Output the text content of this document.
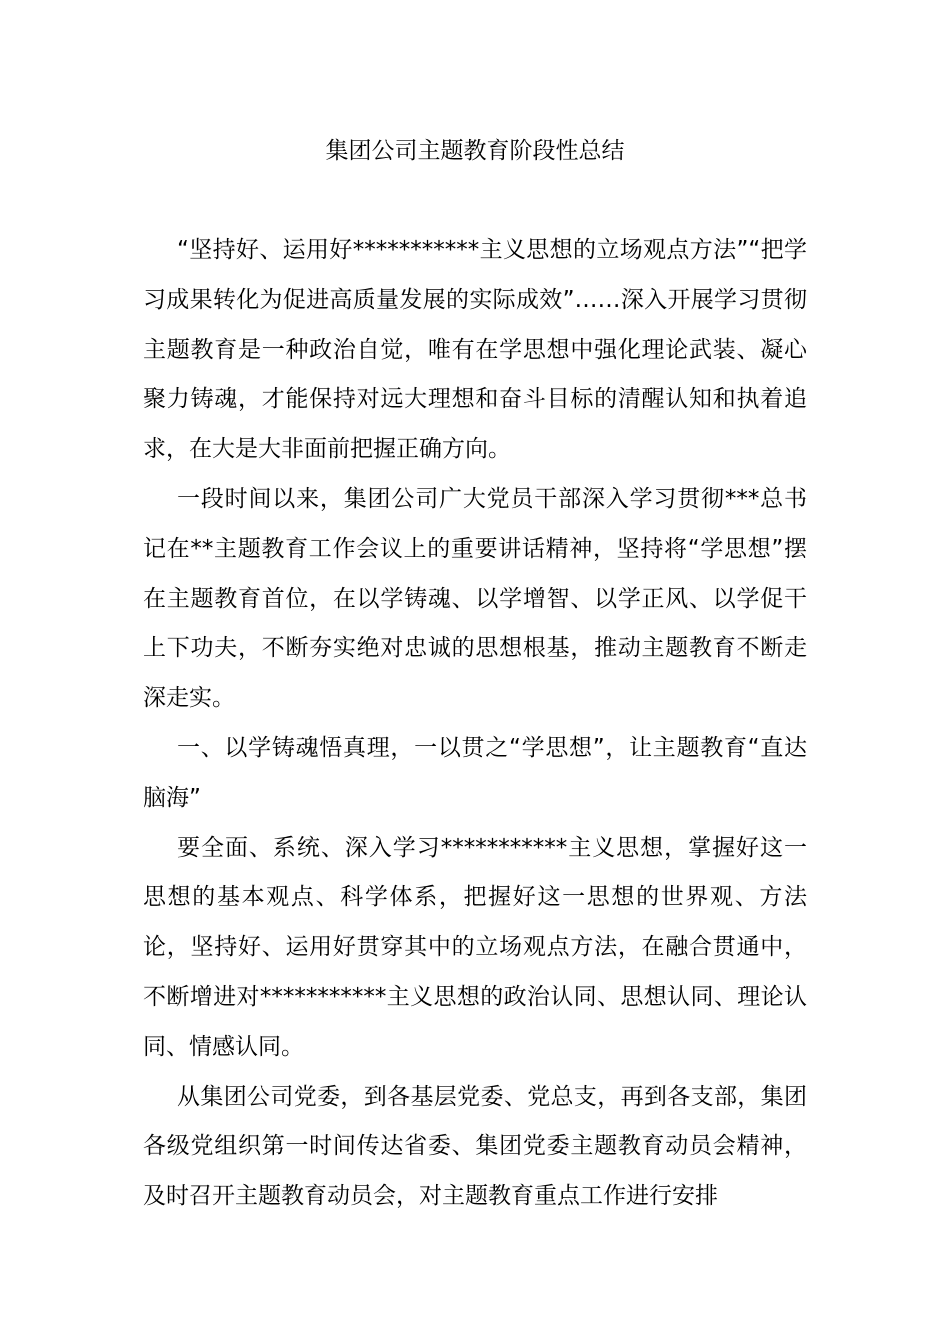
集团公司主题教育阶段性总结

“坚持好、运用好***********主义思想的立场观点方法”“把学习成果转化为促进高质量发展的实际成效”……深入开展学习贯彻主题教育是一种政治自觉，唯有在学思想中强化理论武装、凝心聚力铸魂，才能保持对远大理想和奋斗目标的清醒认知和执着追求，在大是大非面前把握正确方向。

一段时间以来，集团公司广大党员干部深入学习贯彻***总书记在**主题教育工作会议上的重要讲话精神，坚持将“学思想”摆在主题教育首位，在以学铸魂、以学增智、以学正风、以学促干上下功夫，不断夯实绝对忠诚的思想根基，推动主题教育不断走深走实。

一、以学铸魂悟真理，一以贯之“学思想”，让主题教育“直达脑海”

要全面、系统、深入学习***********主义思想，掌握好这一思想的基本观点、科学体系，把握好这一思想的世界观、方法论，坚持好、运用好贯穿其中的立场观点方法，在融合贯通中，不断增进对***********主义思想的政治认同、思想认同、理论认同、情感认同。

从集团公司党委，到各基层党委、党总支，再到各支部，集团各级党组织第一时间传达省委、集团党委主题教育动员会精神，及时召开主题教育动员会，对主题教育重点工作进行安排
